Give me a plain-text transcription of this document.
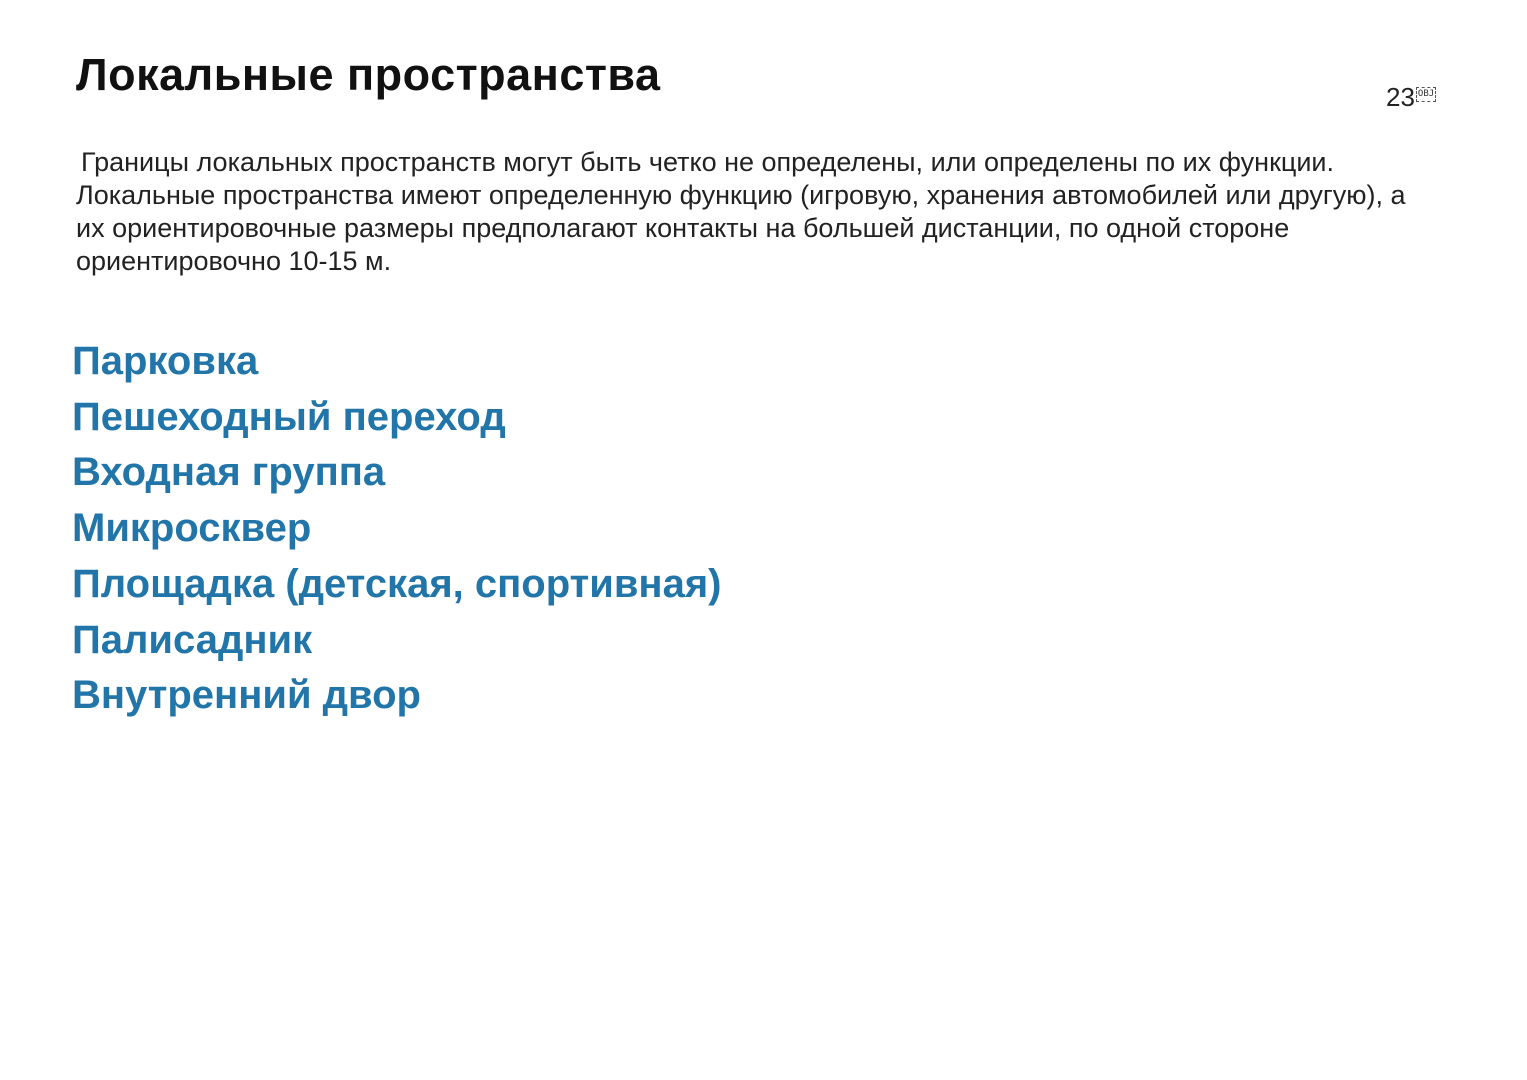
Локальные пространства	23 OBJ

Границы локальных пространств могут быть четко не определены, или определены по их функции. Локальные пространства имеют определенную функцию (игровую, хранения автомобилей или другую), а их ориентировочные размеры предполагают контакты на большей дистанции, по одной стороне ориентировочно 10-15 м.

Парковка
Пешеходный переход
Входная группа
Микросквер
Площадка (детская, спортивная)
Палисадник
Внутренний двор
